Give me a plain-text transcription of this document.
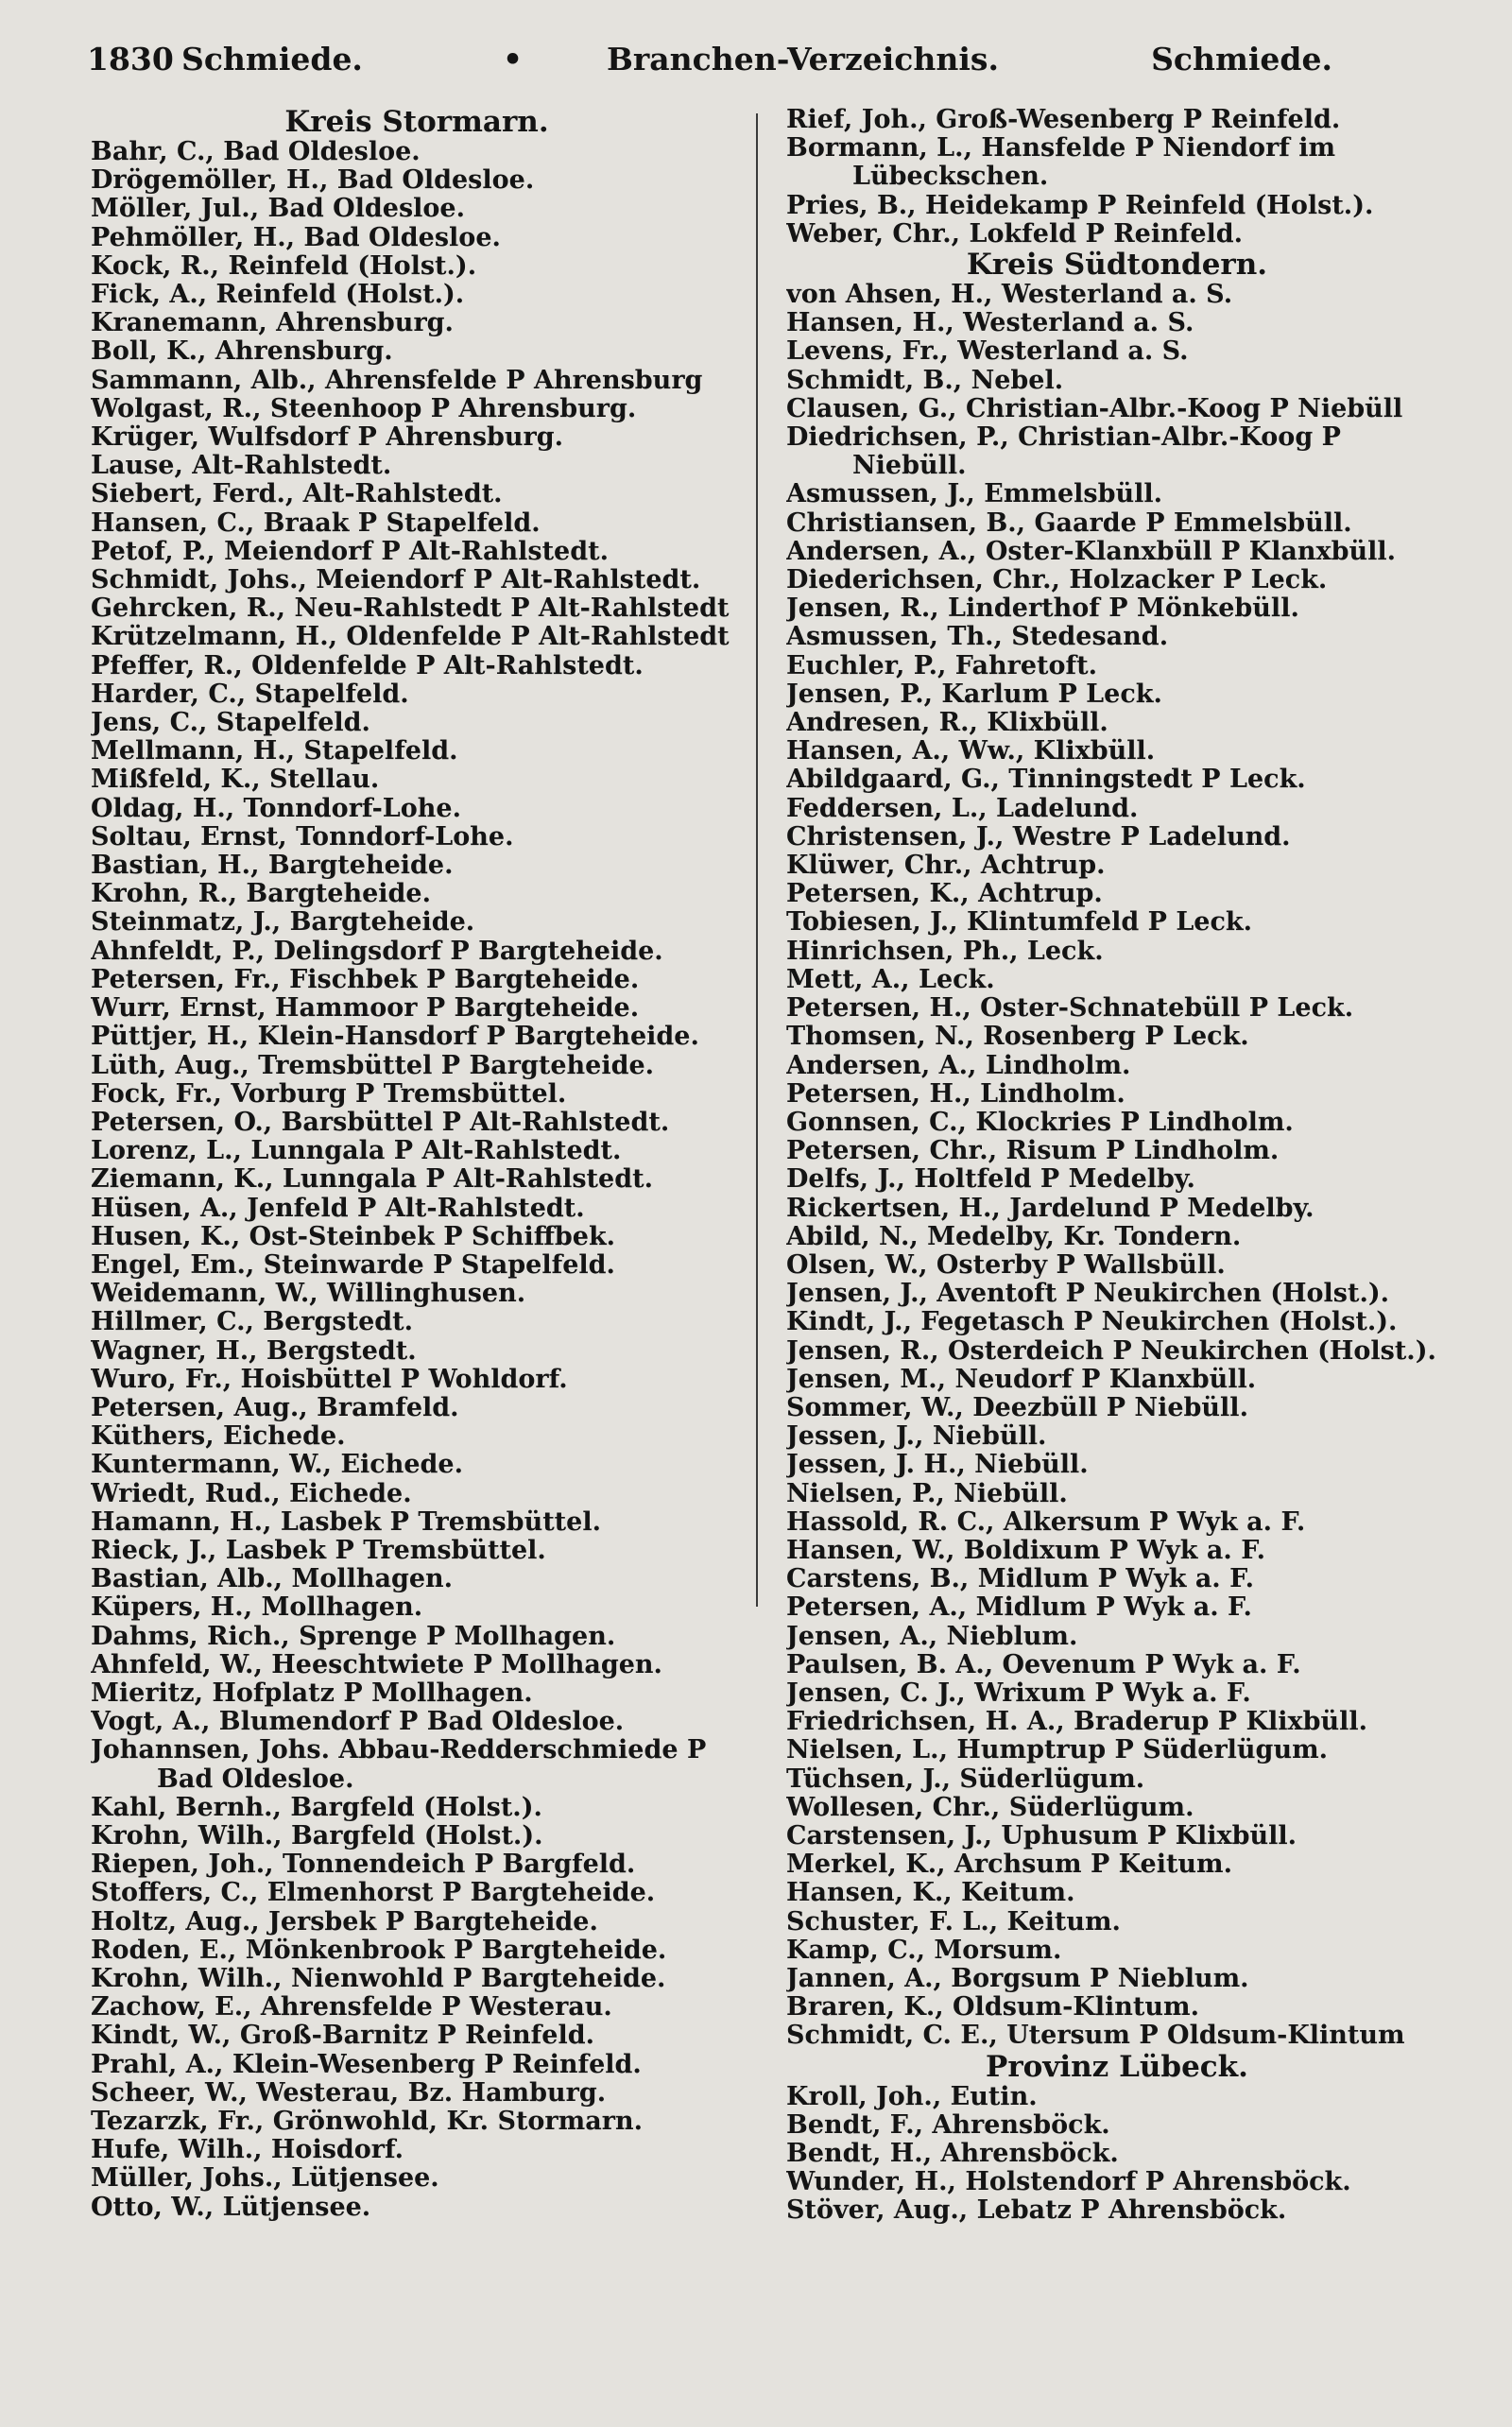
1830 Schmiede.	•	Branchen-Verzeichnis.	Schmiede.
Kreis Stormarn.
Bahr, C., Bad Oldesloe.
Drögemöller, H., Bad Oldesloe.
Möller, Jul., Bad Oldesloe.
Pehmöller, H., Bad Oldesloe.
Kock, R., Reinfeld (Holst.).
Fick, A., Reinfeld (Holst.).
Kranemann, Ahrensburg.
Boll, K., Ahrensburg.
Sammann, Alb., Ahrensfelde P Ahrensburg
Wolgast, R., Steenhoop P Ahrensburg.
Krüger, Wulfsdorf P Ahrensburg.
Lause, Alt-Rahlstedt.
Siebert, Ferd., Alt-Rahlstedt.
Hansen, C., Braak P Stapelfeld.
Petof, P., Meiendorf P Alt-Rahlstedt.
Schmidt, Johs., Meiendorf P Alt-Rahlstedt.
Gehrcken, R., Neu-Rahlstedt P Alt-Rahlstedt
Krützelmann, H., Oldenfelde P Alt-Rahlstedt
Pfeffer, R., Oldenfelde P Alt-Rahlstedt.
Harder, C., Stapelfeld.
Jens, C., Stapelfeld.
Mellmann, H., Stapelfeld.
Mißfeld, K., Stellau.
Oldag, H., Tonndorf-Lohe.
Soltau, Ernst, Tonndorf-Lohe.
Bastian, H., Bargteheide.
Krohn, R., Bargteheide.
Steinmatz, J., Bargteheide.
Ahnfeldt, P., Delingsdorf P Bargteheide.
Petersen, Fr., Fischbek P Bargteheide.
Wurr, Ernst, Hammoor P Bargteheide.
Püttjer, H., Klein-Hansdorf P Bargteheide.
Lüth, Aug., Tremsbüttel P Bargteheide.
Fock, Fr., Vorburg P Tremsbüttel.
Petersen, O., Barsbüttel P Alt-Rahlstedt.
Lorenz, L., Lunngala P Alt-Rahlstedt.
Ziemann, K., Lunngala P Alt-Rahlstedt.
Hüsen, A., Jenfeld P Alt-Rahlstedt.
Husen, K., Ost-Steinbek P Schiffbek.
Engel, Em., Steinwarde P Stapelfeld.
Weidemann, W., Willinghusen.
Hillmer, C., Bergstedt.
Wagner, H., Bergstedt.
Wuro, Fr., Hoisbüttel P Wohldorf.
Petersen, Aug., Bramfeld.
Küthers, Eichede.
Kuntermann, W., Eichede.
Wriedt, Rud., Eichede.
Hamann, H., Lasbek P Tremsbüttel.
Rieck, J., Lasbek P Tremsbüttel.
Bastian, Alb., Mollhagen.
Küpers, H., Mollhagen.
Dahms, Rich., Sprenge P Mollhagen.
Ahnfeld, W., Heeschtwiete P Mollhagen.
Mieritz, Hofplatz P Mollhagen.
Vogt, A., Blumendorf P Bad Oldesloe.
Johannsen, Johs. Abbau-Redderschmiede P Bad Oldesloe.
Kahl, Bernh., Bargfeld (Holst.).
Krohn, Wilh., Bargfeld (Holst.).
Riepen, Joh., Tonnendeich P Bargfeld.
Stoffers, C., Elmenhorst P Bargteheide.
Holtz, Aug., Jersbek P Bargteheide.
Roden, E., Mönkenbrook P Bargteheide.
Krohn, Wilh., Nienwohld P Bargteheide.
Zachow, E., Ahrensfelde P Westerau.
Kindt, W., Groß-Barnitz P Reinfeld.
Prahl, A., Klein-Wesenberg P Reinfeld.
Scheer, W., Westerau, Bz. Hamburg.
Tezarzk, Fr., Grönwohld, Kr. Stormarn.
Hufe, Wilh., Hoisdorf.
Müller, Johs., Lütjensee.
Otto, W., Lütjensee.
Rief, Joh., Groß-Wesenberg P Reinfeld.
Bormann, L., Hansfelde P Niendorf im Lübeckschen.
Pries, B., Heidekamp P Reinfeld (Holst.).
Weber, Chr., Lokfeld P Reinfeld.
Kreis Südtondern.
von Ahsen, H., Westerland a. S.
Hansen, H., Westerland a. S.
Levens, Fr., Westerland a. S.
Schmidt, B., Nebel.
Clausen, G., Christian-Albr.-Koog P Niebüll
Diedrichsen, P., Christian-Albr.-Koog P Niebüll.
Asmussen, J., Emmelsbüll.
Christiansen, B., Gaarde P Emmelsbüll.
Andersen, A., Oster-Klanxbüll P Klanxbüll.
Diederichsen, Chr., Holzacker P Leck.
Jensen, R., Linderthof P Mönkebüll.
Asmussen, Th., Stedesand.
Euchler, P., Fahretoft.
Jensen, P., Karlum P Leck.
Andresen, R., Klixbüll.
Hansen, A., Ww., Klixbüll.
Abildgaard, G., Tinningstedt P Leck.
Feddersen, L., Ladelund.
Christensen, J., Westre P Ladelund.
Klüwer, Chr., Achtrup.
Petersen, K., Achtrup.
Tobiesen, J., Klintumfeld P Leck.
Hinrichsen, Ph., Leck.
Mett, A., Leck.
Petersen, H., Oster-Schnatebüll P Leck.
Thomsen, N., Rosenberg P Leck.
Andersen, A., Lindholm.
Petersen, H., Lindholm.
Gonnsen, C., Klockries P Lindholm.
Petersen, Chr., Risum P Lindholm.
Delfs, J., Holtfeld P Medelby.
Rickertsen, H., Jardelund P Medelby.
Abild, N., Medelby, Kr. Tondern.
Olsen, W., Osterby P Wallsbüll.
Jensen, J., Aventoft P Neukirchen (Holst.).
Kindt, J., Fegetasch P Neukirchen (Holst.).
Jensen, R., Osterdeich P Neukirchen (Holst.).
Jensen, M., Neudorf P Klanxbüll.
Sommer, W., Deezbüll P Niebüll.
Jessen, J., Niebüll.
Jessen, J. H., Niebüll.
Nielsen, P., Niebüll.
Hassold, R. C., Alkersum P Wyk a. F.
Hansen, W., Boldixum P Wyk a. F.
Carstens, B., Midlum P Wyk a. F.
Petersen, A., Midlum P Wyk a. F.
Jensen, A., Nieblum.
Paulsen, B. A., Oevenum P Wyk a. F.
Jensen, C. J., Wrixum P Wyk a. F.
Friedrichsen, H. A., Braderup P Klixbüll.
Nielsen, L., Humptrup P Süderlügum.
Tüchsen, J., Süderlügum.
Wollesen, Chr., Süderlügum.
Carstensen, J., Uphusum P Klixbüll.
Merkel, K., Archsum P Keitum.
Hansen, K., Keitum.
Schuster, F. L., Keitum.
Kamp, C., Morsum.
Jannen, A., Borgsum P Nieblum.
Braren, K., Oldsum-Klintum.
Schmidt, C. E., Utersum P Oldsum-Klintum
Provinz Lübeck.
Kroll, Joh., Eutin.
Bendt, F., Ahrensböck.
Bendt, H., Ahrensböck.
Wunder, H., Holstendorf P Ahrensböck.
Stöver, Aug., Lebatz P Ahrensböck.
